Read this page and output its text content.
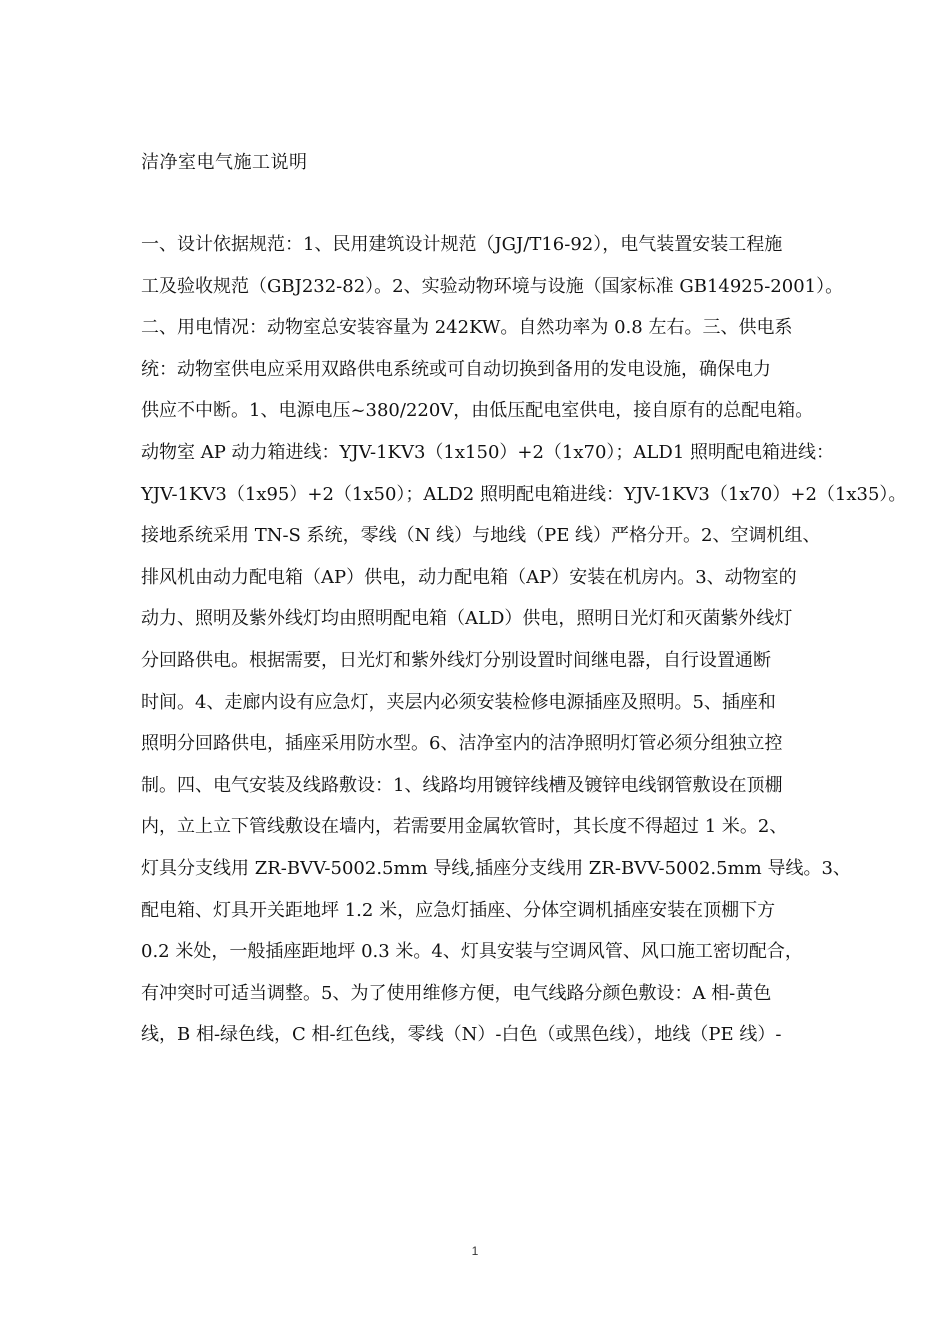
洁净室电气施工说明
一、设计依据规范：1、民用建筑设计规范（JGJ/T16-92），电气装置安装工程施
工及验收规范（GBJ232-82）。2、实验动物环境与设施（国家标准 GB14925-2001）。
二、用电情况：动物室总安装容量为 242KW。自然功率为 0.8 左右。三、供电系
统：动物室供电应采用双路供电系统或可自动切换到备用的发电设施，确保电力
供应不中断。1、电源电压~380/220V，由低压配电室供电，接自原有的总配电箱。
动物室 AP 动力箱进线：YJV-1KV3（1x150）+2（1x70）；ALD1 照明配电箱进线：
YJV-1KV3（1x95）+2（1x50）；ALD2 照明配电箱进线：YJV-1KV3（1x70）+2（1x35）。
接地系统采用 TN-S 系统，零线（N 线）与地线（PE 线）严格分开。2、空调机组、
排风机由动力配电箱（AP）供电，动力配电箱（AP）安装在机房内。3、动物室的
动力、照明及紫外线灯均由照明配电箱（ALD）供电，照明日光灯和灭菌紫外线灯
分回路供电。根据需要，日光灯和紫外线灯分别设置时间继电器，自行设置通断
时间。4、走廊内设有应急灯，夹层内必须安装检修电源插座及照明。5、插座和
照明分回路供电，插座采用防水型。6、洁净室内的洁净照明灯管必须分组独立控
制。四、电气安装及线路敷设：1、线路均用镀锌线槽及镀锌电线钢管敷设在顶棚
内，立上立下管线敷设在墙内，若需要用金属软管时，其长度不得超过 1 米。2、
灯具分支线用 ZR-BVV-5002.5mm 导线,插座分支线用 ZR-BVV-5002.5mm 导线。3、
配电箱、灯具开关距地坪 1.2 米，应急灯插座、分体空调机插座安装在顶棚下方
0.2 米处，一般插座距地坪 0.3 米。4、灯具安装与空调风管、风口施工密切配合，
有冲突时可适当调整。5、为了使用维修方便，电气线路分颜色敷设：A 相-黄色
线，B 相-绿色线，C 相-红色线，零线（N）-白色（或黑色线），地线（PE 线）-
1
